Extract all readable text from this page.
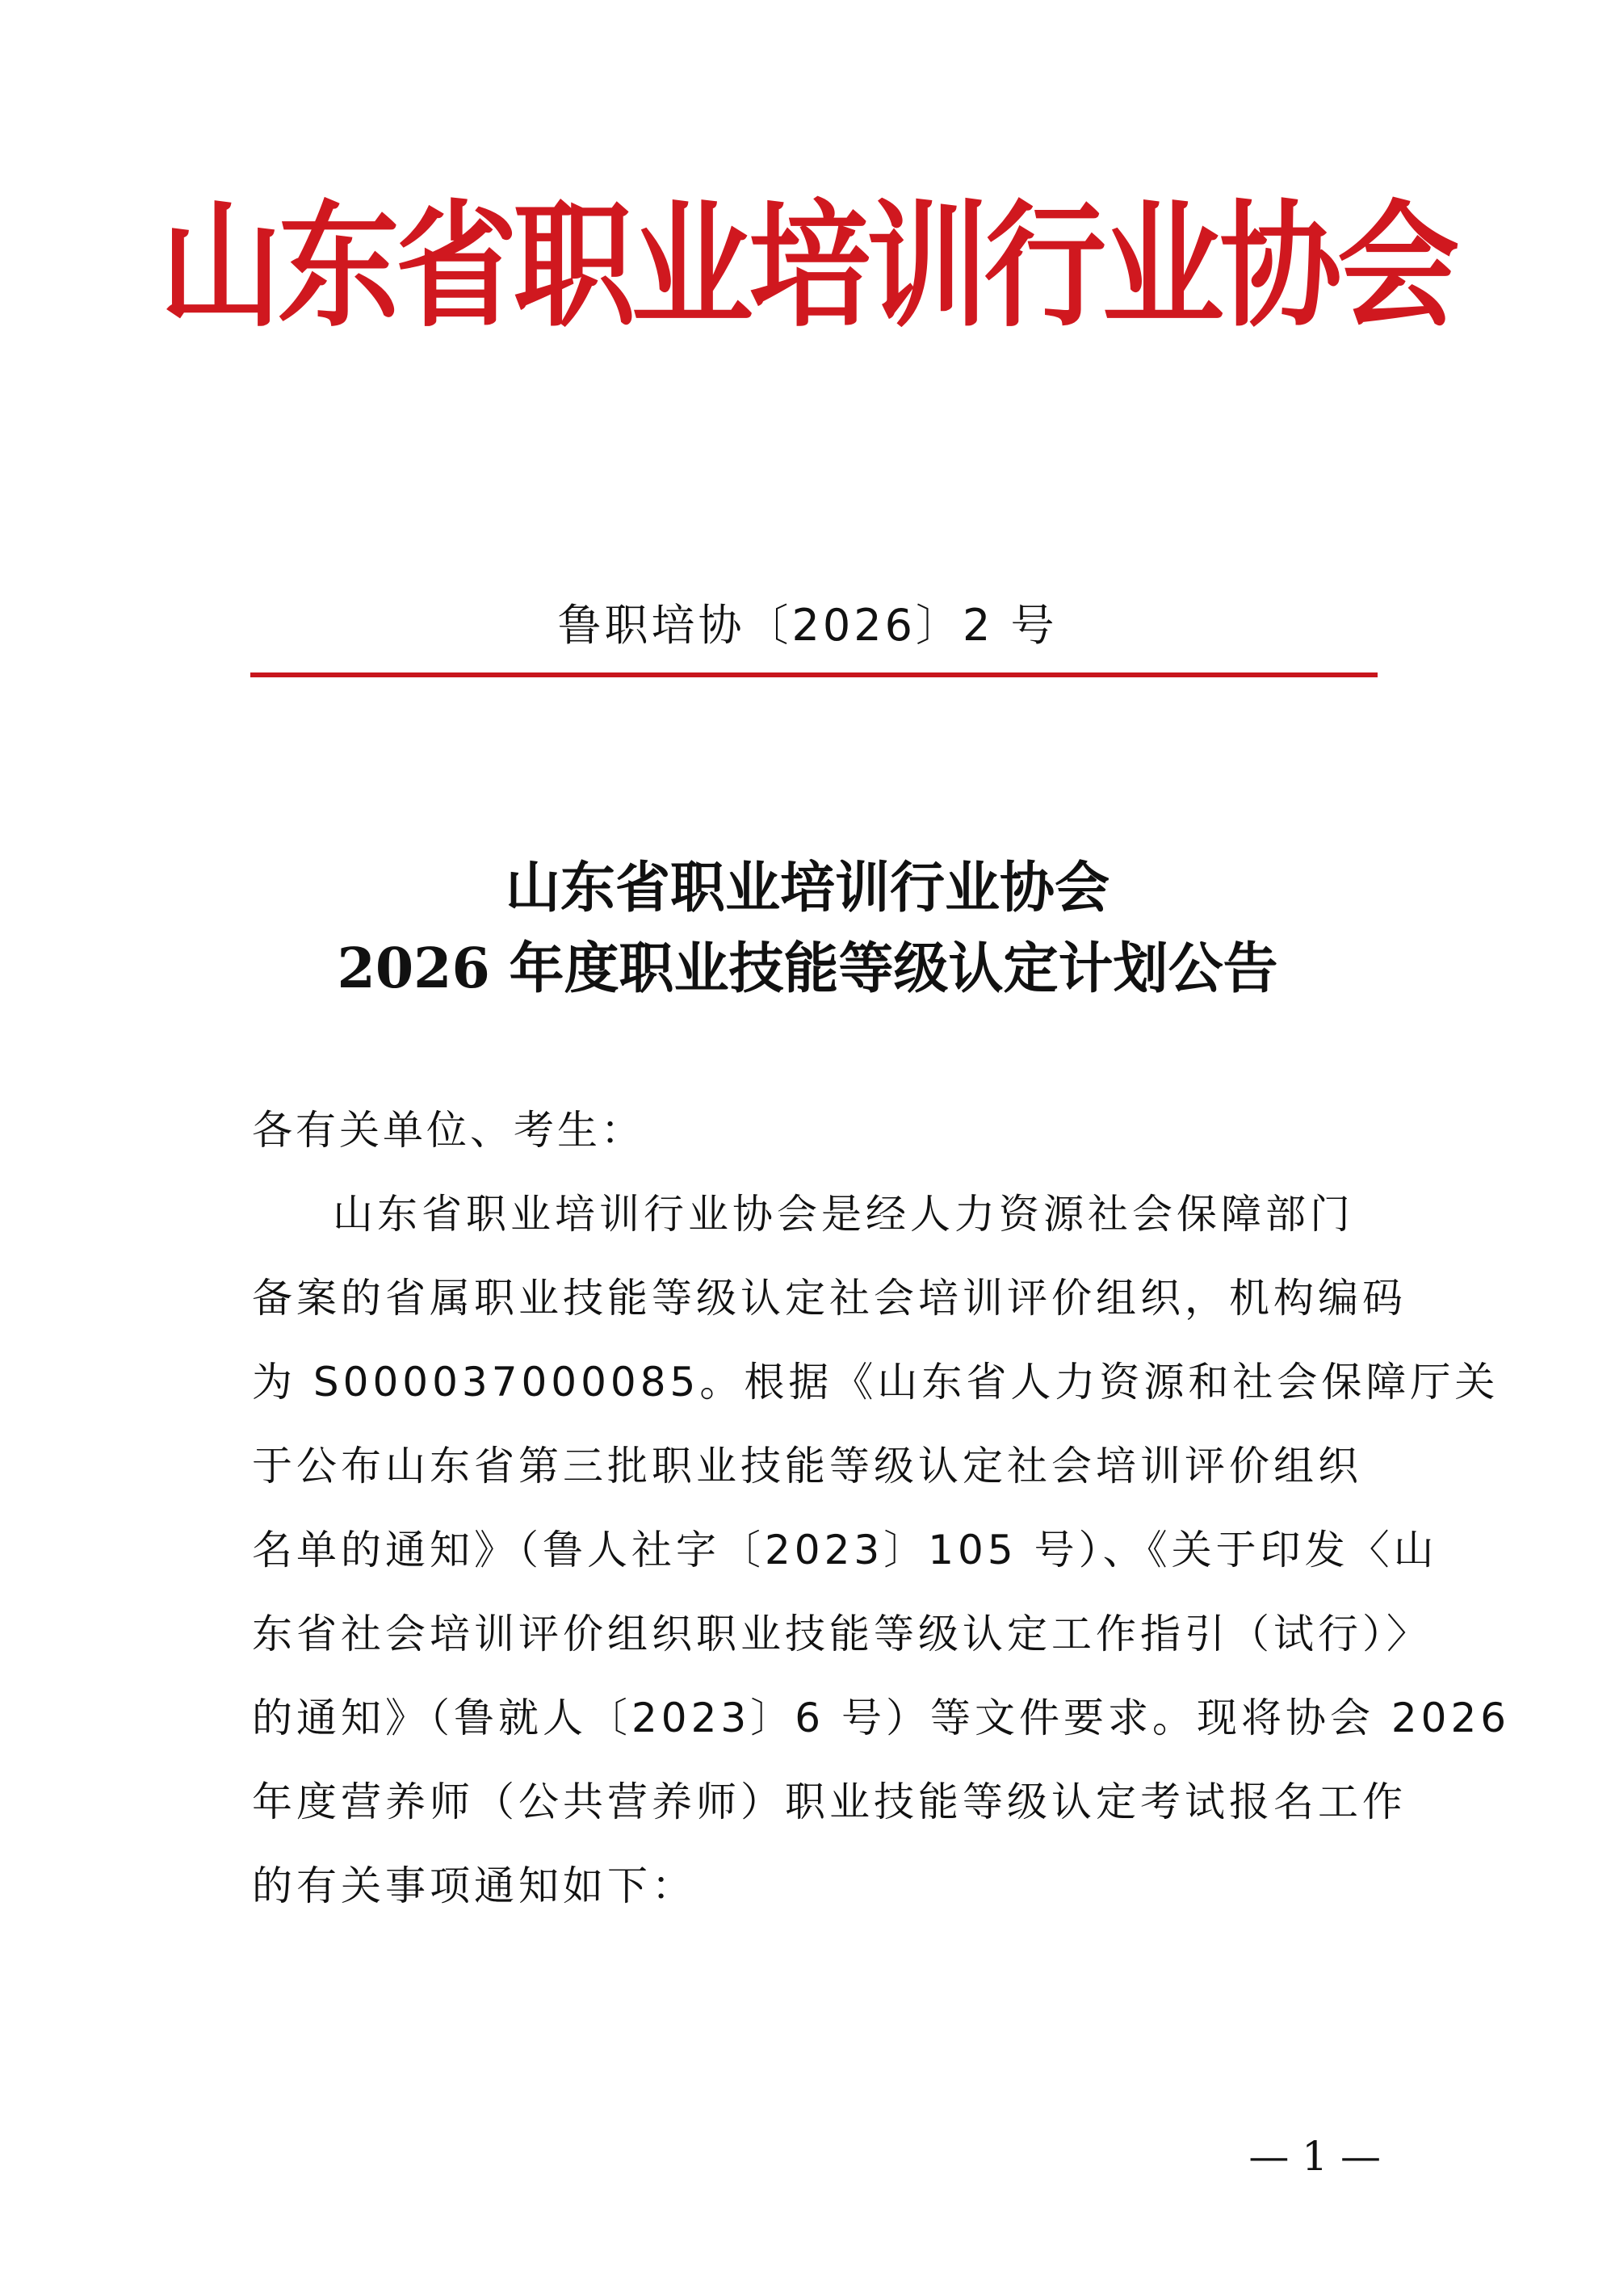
山东省职业培训行业协会
鲁职培协〔2026〕2 号
山东省职业培训行业协会
2026 年度职业技能等级认定计划公告
各有关单位、考生：
山东省职业培训行业协会是经人力资源社会保障部门
备案的省属职业技能等级认定社会培训评价组织，机构编码
为 S000037000085。根据《山东省人力资源和社会保障厅关
于公布山东省第三批职业技能等级认定社会培训评价组织
名单的通知》（鲁人社字〔2023〕105 号）、《关于印发〈山
东省社会培训评价组织职业技能等级认定工作指引（试行）〉
的通知》（鲁就人〔2023〕6 号）等文件要求。现将协会 2026
年度营养师（公共营养师）职业技能等级认定考试报名工作
的有关事项通知如下：
— 1 —
